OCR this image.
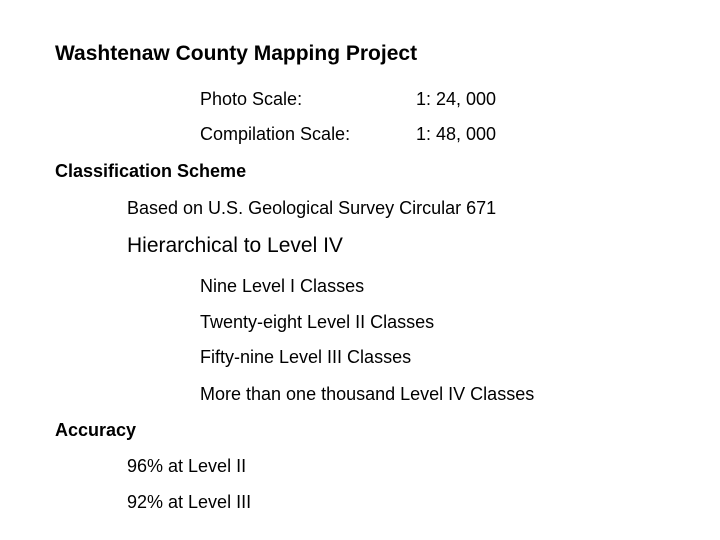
Washtenaw County Mapping Project
Photo Scale:	1: 24, 000
Compilation Scale:	1: 48, 000
Classification Scheme
Based on U.S. Geological Survey Circular 671
Hierarchical to Level IV
Nine Level I Classes
Twenty-eight Level II Classes
Fifty-nine Level III Classes
More than one thousand Level IV Classes
Accuracy
96% at Level II
92% at Level III
